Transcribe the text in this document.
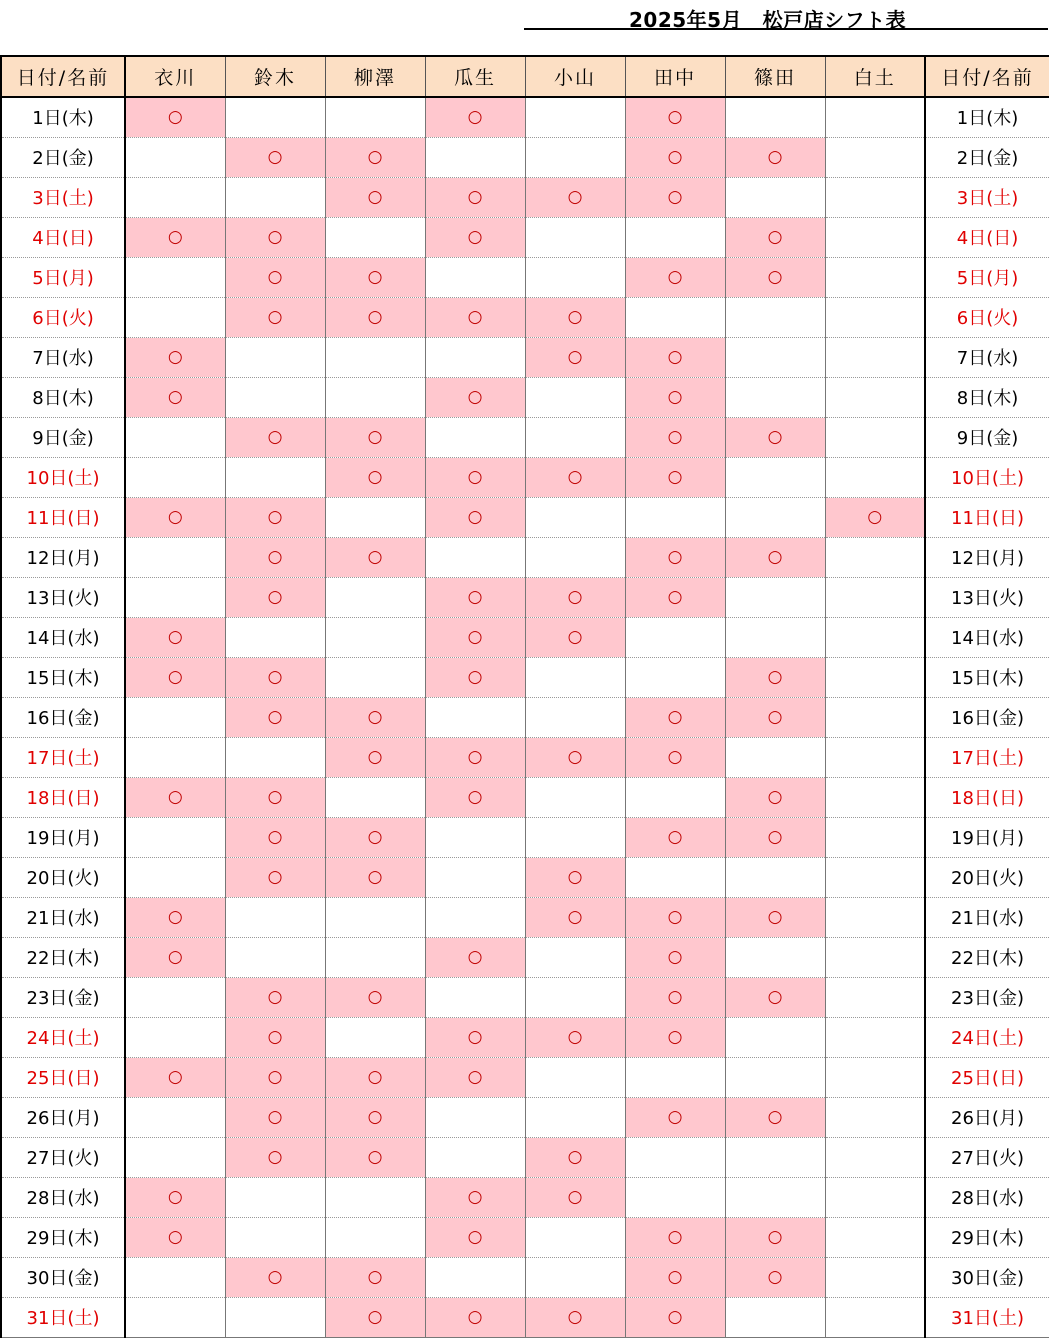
2025年5月　松戸店シフト表
日付/名前	衣川	鈴木	柳澤	瓜生	小山	田中	篠田	白土	日付/名前
1日(木)	○			○		○			1日(木)
2日(金)		○	○			○	○		2日(金)
3日(土)			○	○	○	○			3日(土)
4日(日)	○	○		○			○		4日(日)
5日(月)		○	○			○	○		5日(月)
6日(火)		○	○	○	○				6日(火)
7日(水)	○				○	○			7日(水)
8日(木)	○			○		○			8日(木)
9日(金)		○	○			○	○		9日(金)
10日(土)			○	○	○	○			10日(土)
11日(日)	○	○		○				○	11日(日)
12日(月)		○	○			○	○		12日(月)
13日(火)		○		○	○	○			13日(火)
14日(水)	○			○	○				14日(水)
15日(木)	○	○		○			○		15日(木)
16日(金)		○	○			○	○		16日(金)
17日(土)			○	○	○	○			17日(土)
18日(日)	○	○		○			○		18日(日)
19日(月)		○	○			○	○		19日(月)
20日(火)		○	○		○				20日(火)
21日(水)	○				○	○	○		21日(水)
22日(木)	○			○		○			22日(木)
23日(金)		○	○			○	○		23日(金)
24日(土)		○		○	○	○			24日(土)
25日(日)	○	○	○	○					25日(日)
26日(月)		○	○			○	○		26日(月)
27日(火)		○	○		○				27日(火)
28日(水)	○			○	○				28日(水)
29日(木)	○			○		○	○		29日(木)
30日(金)		○	○			○	○		30日(金)
31日(土)			○	○	○	○			31日(土)
